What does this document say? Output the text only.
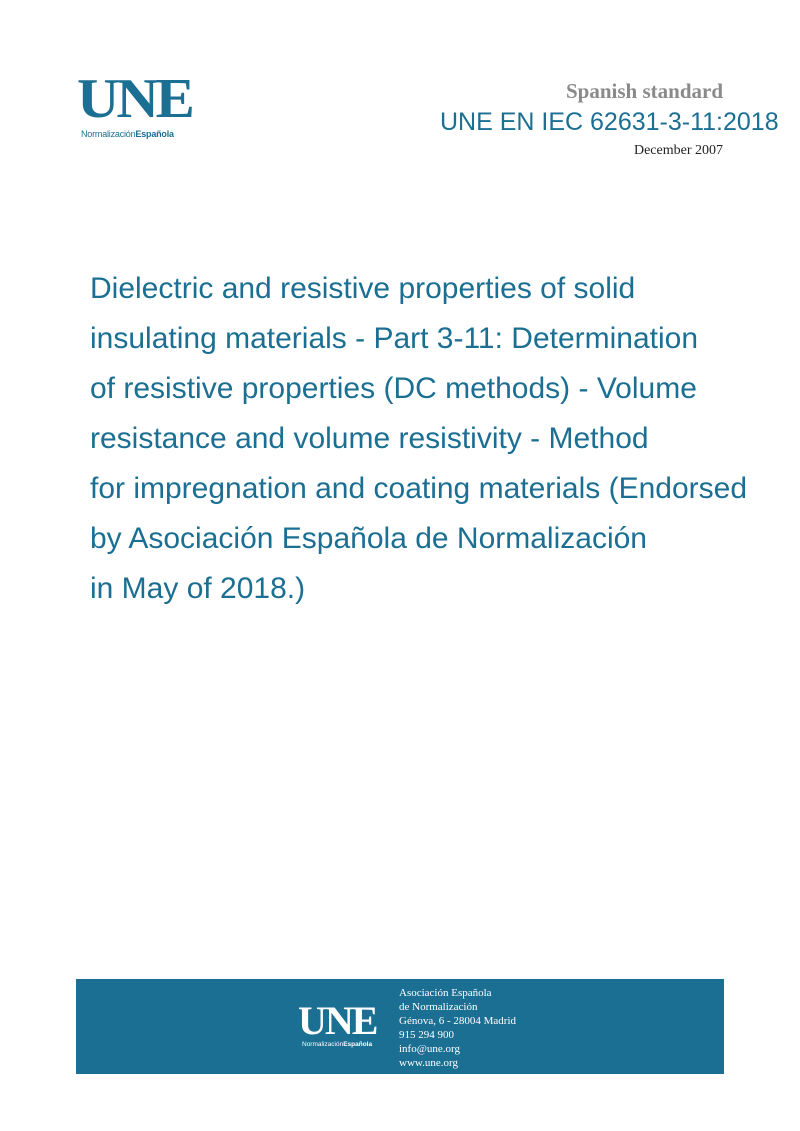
UNE
NormalizaciónEspañola
Spanish standard
UNE EN IEC 62631-3-11:2018
December 2007
Dielectric and resistive properties of solid
insulating materials - Part 3-11: Determination
of resistive properties (DC methods) - Volume
resistance and volume resistivity - Method
for impregnation and coating materials (Endorsed
by Asociación Española de Normalización
in May of 2018.)
UNE
NormalizaciónEspañola
Asociación Española
de Normalización
Génova, 6 - 28004 Madrid
915 294 900
info@une.org
www.une.org
